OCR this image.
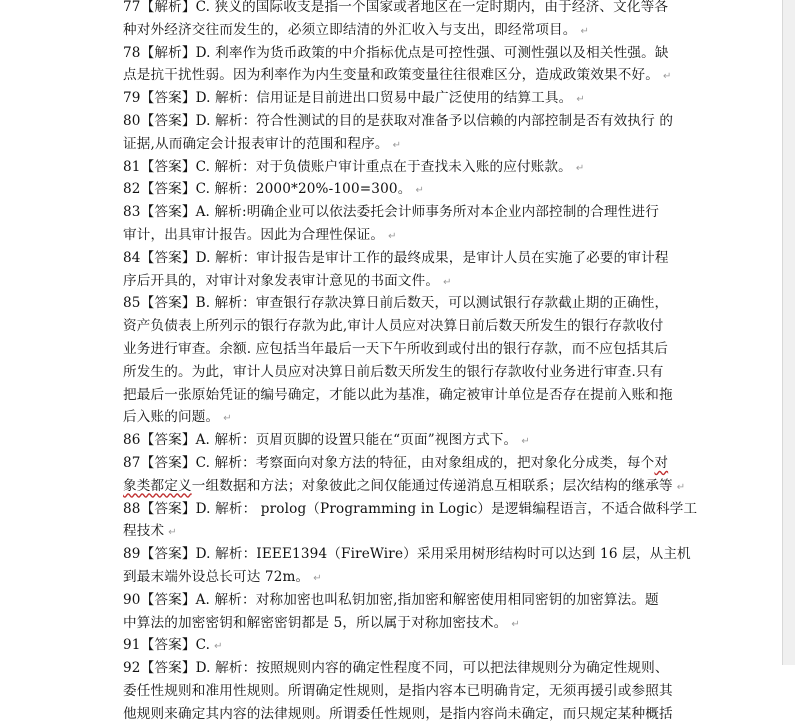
77【解析】C. 狭义的国际收支是指一个国家或者地区在一定时期内，由于经济、文化等各
种对外经济交往而发生的，必须立即结清的外汇收入与支出，即经常项目。 ↵
78【解析】D. 利率作为货币政策的中介指标优点是可控性强、可测性强以及相关性强。缺
点是抗干扰性弱。因为利率作为内生变量和政策变量往往很难区分，造成政策效果不好。 ↵
79【答案】D. 解析：信用证是目前进出口贸易中最广泛使用的结算工具。 ↵
80【答案】D. 解析：符合性测试的目的是获取对准备予以信赖的内部控制是否有效执行 的
证据,从而确定会计报表审计的范围和程序。 ↵
81【答案】C. 解析：对于负债账户审计重点在于查找未入账的应付账款。 ↵
82【答案】C. 解析：2000*20%-100=300。 ↵
83【答案】A. 解析:明确企业可以依法委托会计师事务所对本企业内部控制的合理性进行
审计，出具审计报告。因此为合理性保证。 ↵
84【答案】D. 解析：审计报告是审计工作的最终成果，是审计人员在实施了必要的审计程
序后开具的，对审计对象发表审计意见的书面文件。 ↵
85【答案】B. 解析：审查银行存款决算日前后数天，可以测试银行存款截止期的正确性，
资产负债表上所列示的银行存款为此,审计人员应对决算日前后数天所发生的银行存款收付
业务进行审查。余额. 应包括当年最后一天下午所收到或付出的银行存款，而不应包括其后
所发生的。为此，审计人员应对决算日前后数天所发生的银行存款收付业务进行审查.只有
把最后一张原始凭证的编号确定，才能以此为基准，确定被审计单位是否存在提前入账和拖
后入账的问题。 ↵
86【答案】A. 解析：页眉页脚的设置只能在“页面”视图方式下。 ↵
87【答案】C. 解析：考察面向对象方法的特征，由对象组成的，把对象化分成类，每个对
象类都定义一组数据和方法；对象彼此之间仅能通过传递消息互相联系；层次结构的继承等 ↵
88【答案】D. 解析： prolog（Programming in Logic）是逻辑编程语言，不适合做科学工
程技术 ↵
89【答案】D. 解析：IEEE1394（FireWire）采用采用树形结构时可以达到 16 层，从主机
到最末端外设总长可达 72m。 ↵
90【答案】A. 解析：对称加密也叫私钥加密,指加密和解密使用相同密钥的加密算法。题
中算法的加密密钥和解密密钥都是 5，所以属于对称加密技术。 ↵
91【答案】C. ↵
92【答案】D. 解析：按照规则内容的确定性程度不同，可以把法律规则分为确定性规则、
委任性规则和准用性规则。所谓确定性规则，是指内容本已明确肯定，无须再援引或参照其
他规则来确定其内容的法律规则。所谓委任性规则，是指内容尚未确定，而只规定某种概括
